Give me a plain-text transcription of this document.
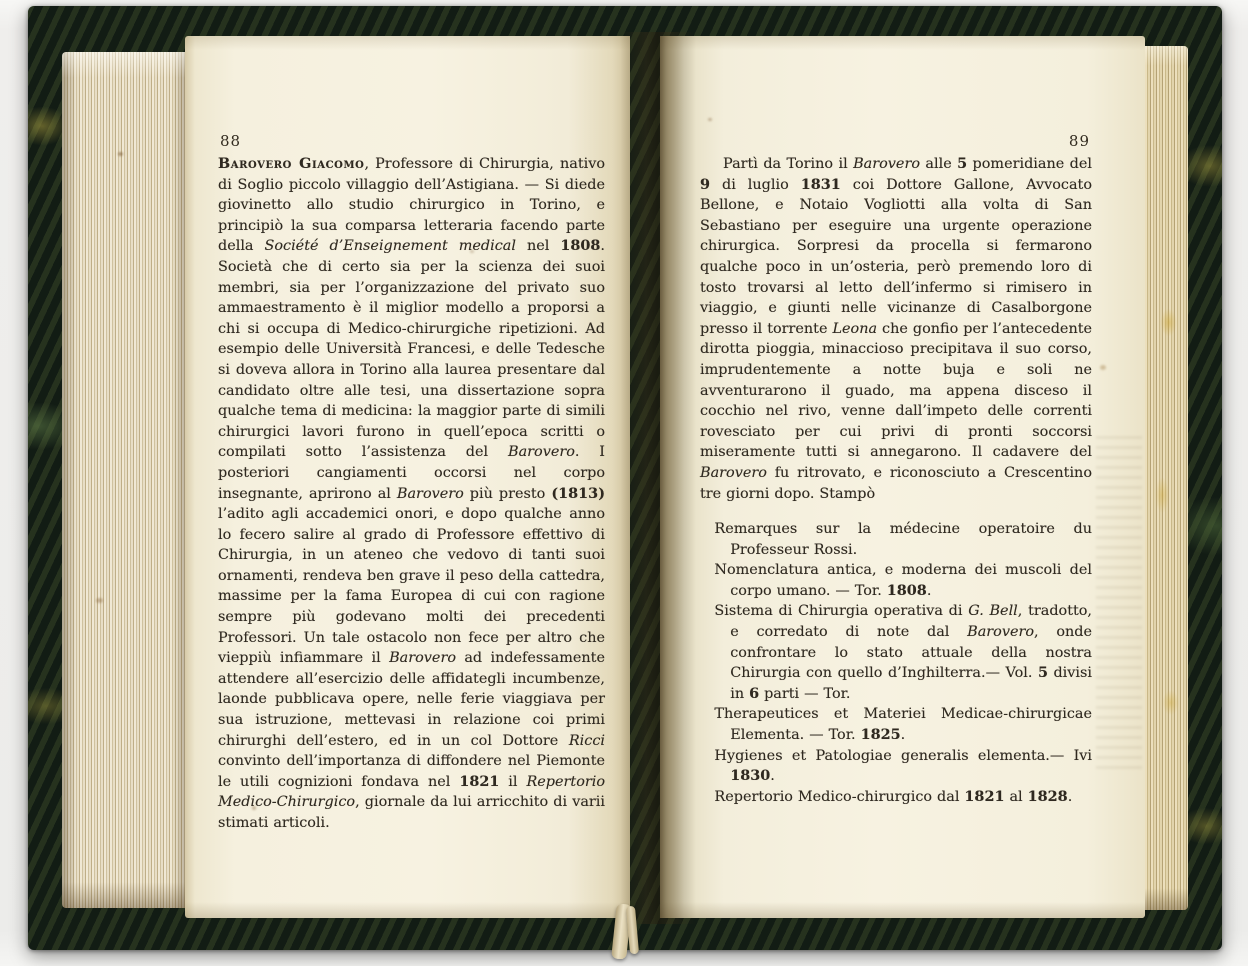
88
Barovero Giacomo, Professore di Chirurgia, nativo di Soglio piccolo villaggio dell’Astigiana. — Si diede giovinetto allo studio chirurgico in Torino, e principiò la sua comparsa letteraria facendo parte della Société d’Enseignement medical nel 1808. Società che di certo sia per la scienza dei suoi membri, sia per l’organizzazione del privato suo ammaestramento è il miglior modello a proporsi a chi si occupa di Medico-chirurgiche ripetizioni. Ad esempio delle Università Francesi, e delle Tedesche si doveva allora in Torino alla laurea presentare dal candidato oltre alle tesi, una dissertazione sopra qualche tema di medicina: la maggior parte di simili chirurgici lavori furono in quell’epoca scritti o compilati sotto l’assistenza del Barovero. I posteriori cangiamenti occorsi nel corpo insegnante, aprirono al Barovero più presto (1813) l’adito agli accademici onori, e dopo qualche anno lo fecero salire al grado di Professore effettivo di Chirurgia, in un ateneo che vedovo di tanti suoi ornamenti, rendeva ben grave il peso della cattedra, massime per la fama Europea di cui con ragione sempre più godevano molti dei precedenti Professori. Un tale ostacolo non fece per altro che vieppiù infiammare il Barovero ad indefessamente attendere all’esercizio delle affidategli incumbenze, laonde pubblicava opere, nelle ferie viaggiava per sua istruzione, mettevasi in relazione coi primi chirurghi dell’estero, ed in un col Dottore Ricci convinto dell’importanza di diffondere nel Piemonte le utili cognizioni fondava nel 1821 il Repertorio Medico-Chirurgico, giornale da lui arricchito di varii stimati articoli.
89
Partì da Torino il Barovero alle 5 pomeridiane del 9 di luglio 1831 coi Dottore Gallone, Avvocato Bellone, e Notaio Vogliotti alla volta di San Sebastiano per eseguire una urgente operazione chirurgica. Sorpresi da procella si fermarono qualche poco in un’osteria, però premendo loro di tosto trovarsi al letto dell’infermo si rimisero in viaggio, e giunti nelle vicinanze di Casalborgone presso il torrente Leona che gonfio per l’antecedente dirotta pioggia, minaccioso precipitava il suo corso, imprudentemente a notte buja e soli ne avventurarono il guado, ma appena disceso il cocchio nel rivo, venne dall’impeto delle correnti rovesciato per cui privi di pronti soccorsi miseramente tutti si annegarono. Il cadavere del Barovero fu ritrovato, e riconosciuto a Crescentino tre giorni dopo. Stampò
Remarques sur la médecine operatoire du Professeur Rossi.
Nomenclatura antica, e moderna dei muscoli del corpo umano. — Tor. 1808.
Sistema di Chirurgia operativa di G. Bell, tradotto, e corredato di note dal Barovero, onde confrontare lo stato attuale della nostra Chirurgia con quello d’Inghilterra.— Vol. 5 divisi in 6 parti — Tor.
Therapeutices et Materiei Medicae-chirurgicae Elementa. — Tor. 1825.
Hygienes et Patologiae generalis elementa.— Ivi 1830.
Repertorio Medico-chirurgico dal 1821 al 1828.
